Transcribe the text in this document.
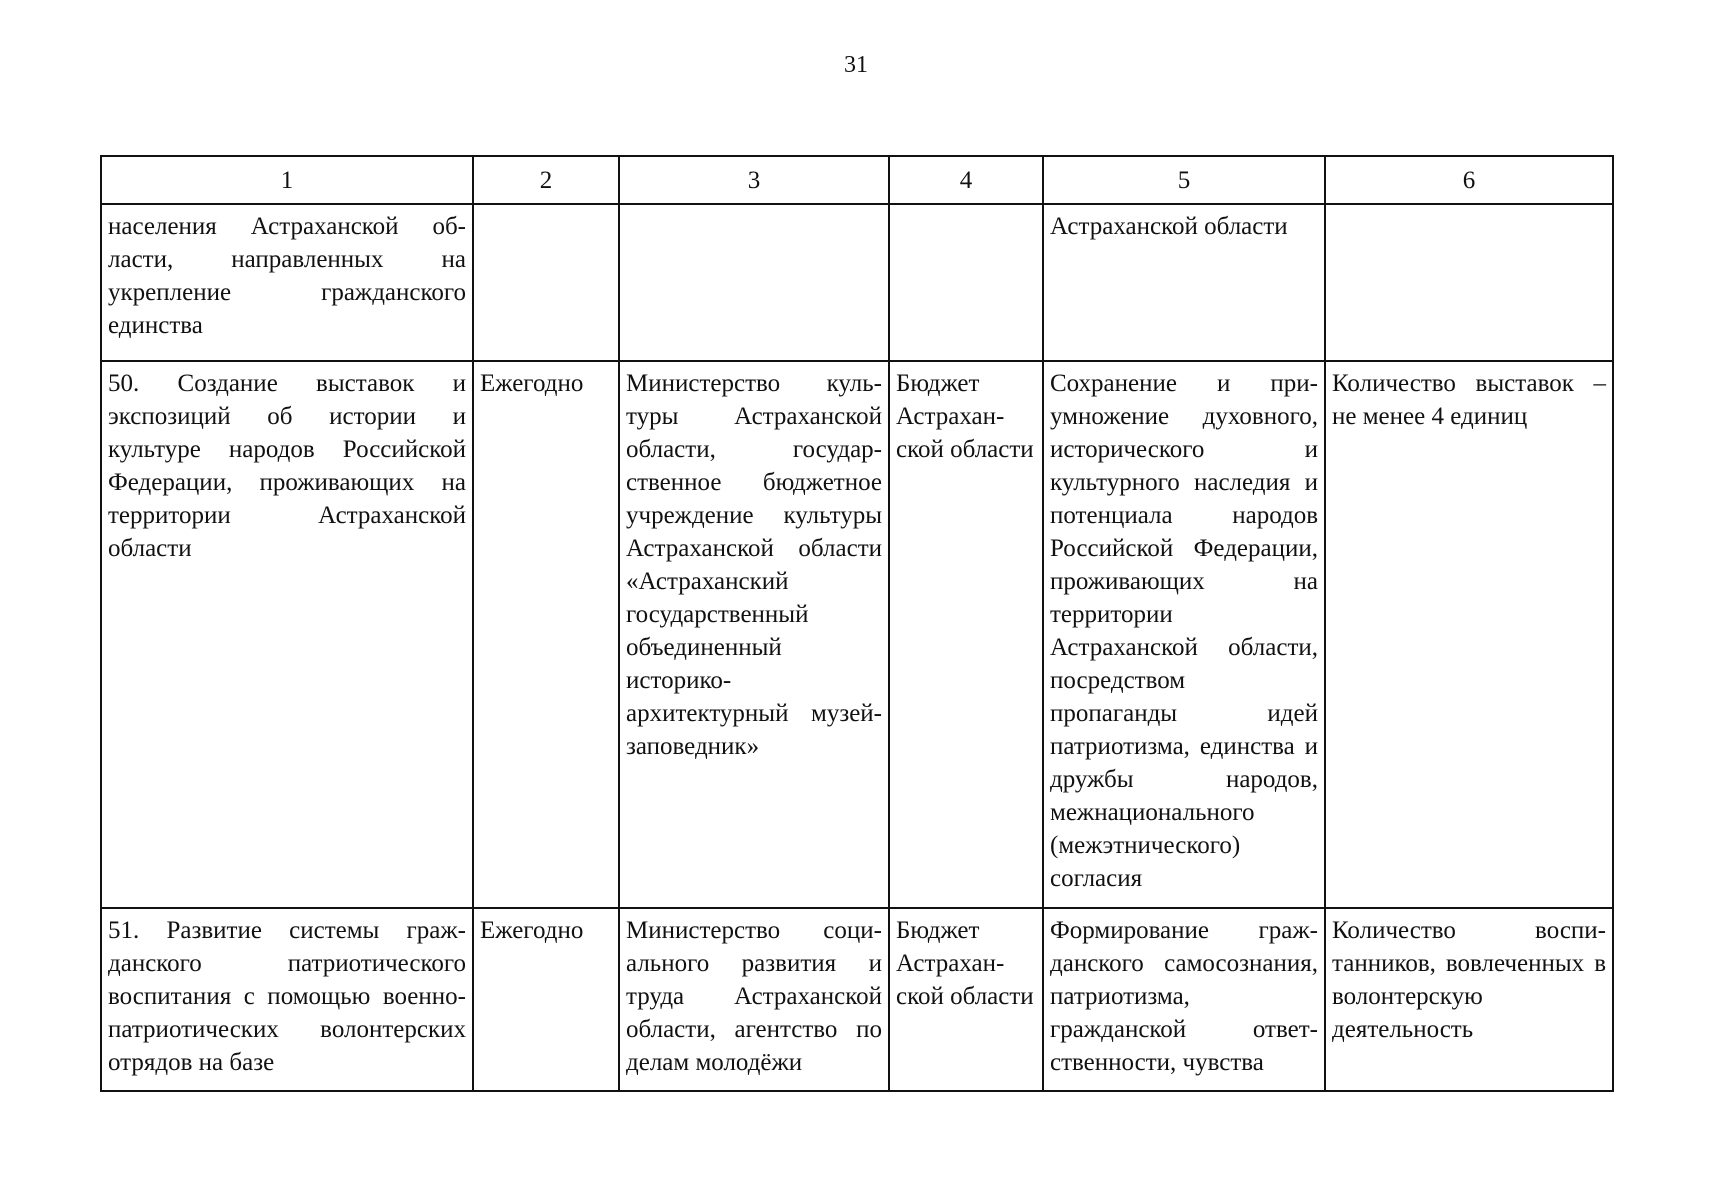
31
1	2	3	4	5	6
населения Астраханской области, направленных на укрепление гражданского единства				Астраханской области	
50. Создание выставок и экспозиций об истории и культуре народов Российской Федерации, проживающих на территории Астраханской области	Ежегодно	Министерство культуры Астраханской области, государственное бюджетное учреждение культуры Астраханской области «Астраханский государственный объединенный историко-архитектурный музей-заповедник»	Бюджет Астраханской области	Сохранение и приумножение духовного, исторического и культурного наследия и потенциала народов Российской Федерации, проживающих на территории Астраханской области, посредством пропаганды идей патриотизма, единства и дружбы народов, межнационального (межэтнического) согласия	Количество выставок – не менее 4 единиц
51. Развитие системы гражданского патриотического воспитания с помощью военно-патриотических волонтерских отрядов на базе	Ежегодно	Министерство социального развития и труда Астраханской области, агентство по делам молодёжи	Бюджет Астраханской области	Формирование гражданского самосознания, патриотизма, гражданской ответственности, чувства	Количество воспитанников, вовлеченных в волонтерскую деятельность
